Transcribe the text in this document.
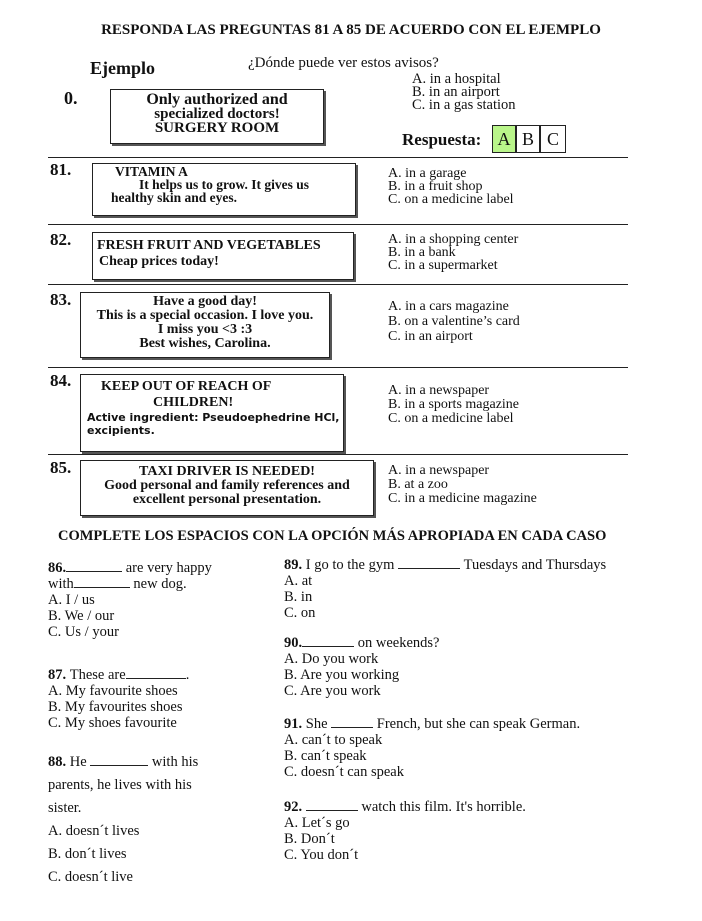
RESPONDA LAS PREGUNTAS 81 A 85 DE ACUERDO CON EL EJEMPLO
Ejemplo	¿Dónde puede ver estos avisos?
0.	Only authorized and
specialized doctors!
SURGERY ROOM
A. in a hospital
B. in an airport
C. in a gas station
Respuesta: A B C
81.	VITAMIN A
It helps us to grow. It gives us
healthy skin and eyes.
A. in a garage
B. in a fruit shop
C. on a medicine label
82. FRESH FRUIT AND VEGETABLES
Cheap prices today!
A. in a shopping center
B. in a bank
C. in a supermarket
83.	Have a good day!
This is a special occasion. I love you.
I miss you <3 :3
Best wishes, Carolina.
A. in a cars magazine
B. on a valentine’s card
C. in an airport
84.	KEEP OUT OF REACH OF
CHILDREN!
Active ingredient: Pseudoephedrine HCl,
excipients.
A. in a newspaper
B. in a sports magazine
C. on a medicine label
85.	TAXI DRIVER IS NEEDED!
Good personal and family references and
excellent personal presentation.
A. in a newspaper
B. at a zoo
C. in a medicine magazine
COMPLETE LOS ESPACIOS CON LA OPCIÓN MÁS APROPIADA EN CADA CASO
86.	are very happy
with	new dog.
A. I / us
B. We / our
C. Us / your
87. These are	.
A. My favourite shoes
B. My favourites shoes
C. My shoes favourite
88. He	with his
parents, he lives with his
sister.
A. doesn´t lives
B. don´t lives
C. doesn´t live
89. I go to the gym	Tuesdays and Thursdays
A. at
B. in
C. on
90.	on weekends?
A. Do you work
B. Are you working
C. Are you work
91. She	French, but she can speak German.
A. can´t to speak
B. can´t speak
C. doesn´t can speak
92.	watch this film. It's horrible.
A. Let´s go
B. Don´t
C. You don´t
